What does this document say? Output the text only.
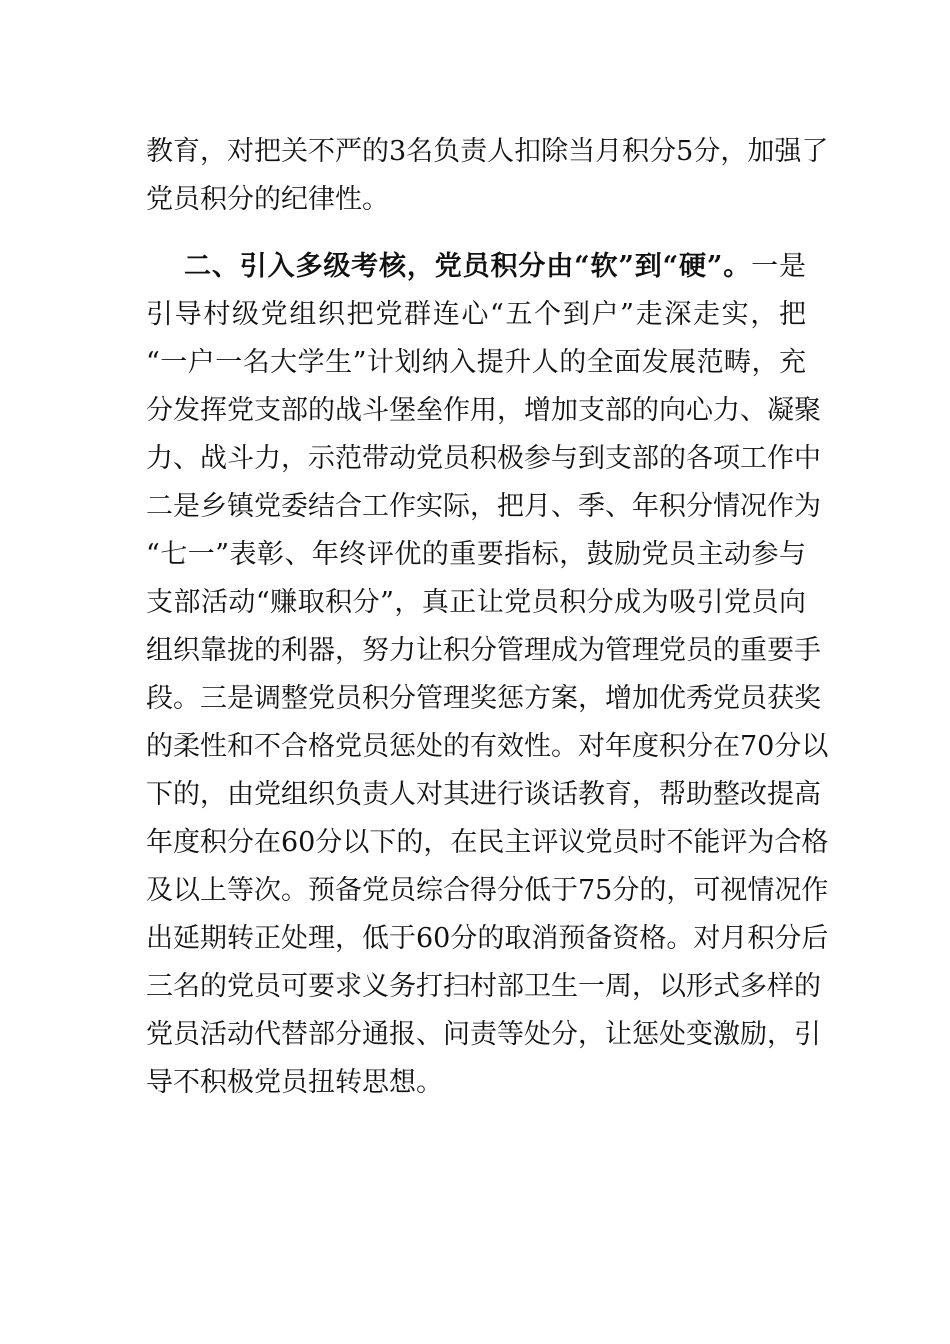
教育，对把关不严的3名负责人扣除当月积分5分，加强了
党员积分的纪律性。
二、引入多级考核，党员积分由“软”到“硬”。一是
引导村级党组织把党群连心“五个到户”走深走实，把
“一户一名大学生”计划纳入提升人的全面发展范畴，充
分发挥党支部的战斗堡垒作用，增加支部的向心力、凝聚
力、战斗力，示范带动党员积极参与到支部的各项工作中
二是乡镇党委结合工作实际，把月、季、年积分情况作为
“七一”表彰、年终评优的重要指标，鼓励党员主动参与
支部活动“赚取积分”，真正让党员积分成为吸引党员向
组织靠拢的利器，努力让积分管理成为管理党员的重要手
段。三是调整党员积分管理奖惩方案，增加优秀党员获奖
的柔性和不合格党员惩处的有效性。对年度积分在70分以
下的，由党组织负责人对其进行谈话教育，帮助整改提高
年度积分在60分以下的，在民主评议党员时不能评为合格
及以上等次。预备党员综合得分低于75分的，可视情况作
出延期转正处理，低于60分的取消预备资格。对月积分后
三名的党员可要求义务打扫村部卫生一周，以形式多样的
党员活动代替部分通报、问责等处分，让惩处变激励，引
导不积极党员扭转思想。
